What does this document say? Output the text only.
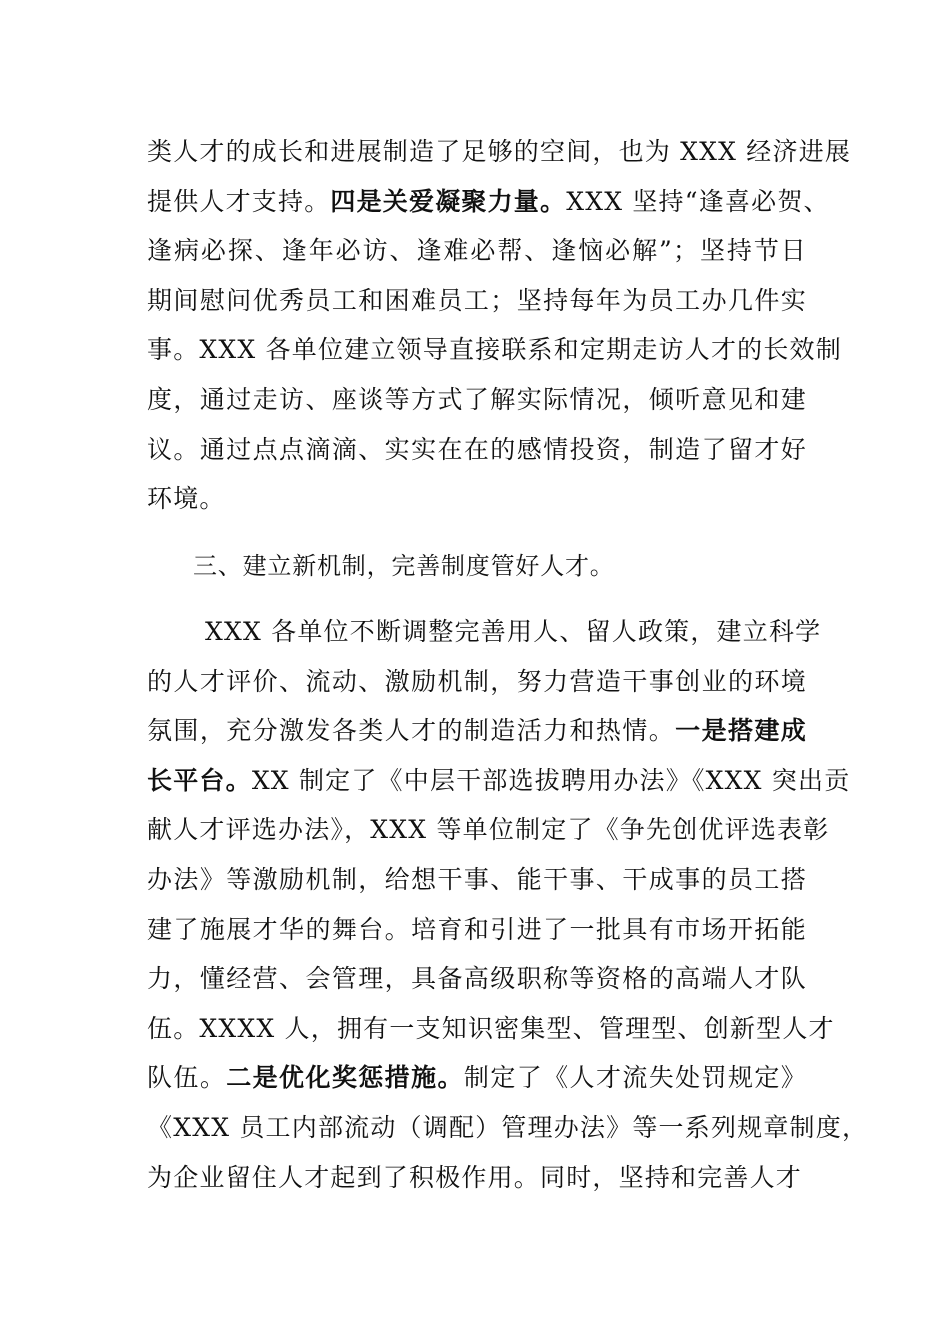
类人才的成长和进展制造了足够的空间，也为 XXX 经济进展
提供人才支持。四是关爱凝聚力量。XXX 坚持“逢喜必贺、
逢病必探、逢年必访、逢难必帮、逢恼必解”；坚持节日
期间慰问优秀员工和困难员工；坚持每年为员工办几件实
事。XXX 各单位建立领导直接联系和定期走访人才的长效制
度，通过走访、座谈等方式了解实际情况，倾听意见和建
议。通过点点滴滴、实实在在的感情投资，制造了留才好
环境。
三、建立新机制，完善制度管好人才。
XXX 各单位不断调整完善用人、留人政策，建立科学
的人才评价、流动、激励机制，努力营造干事创业的环境
氛围，充分激发各类人才的制造活力和热情。一是搭建成
长平台。XX 制定了《中层干部选拔聘用办法》《XXX 突出贡
献人才评选办法》，XXX 等单位制定了《争先创优评选表彰
办法》等激励机制，给想干事、能干事、干成事的员工搭
建了施展才华的舞台。培育和引进了一批具有市场开拓能
力，懂经营、会管理，具备高级职称等资格的高端人才队
伍。XXXX 人，拥有一支知识密集型、管理型、创新型人才
队伍。二是优化奖惩措施。制定了《人才流失处罚规定》
《XXX 员工内部流动（调配）管理办法》等一系列规章制度，
为企业留住人才起到了积极作用。同时，坚持和完善人才
